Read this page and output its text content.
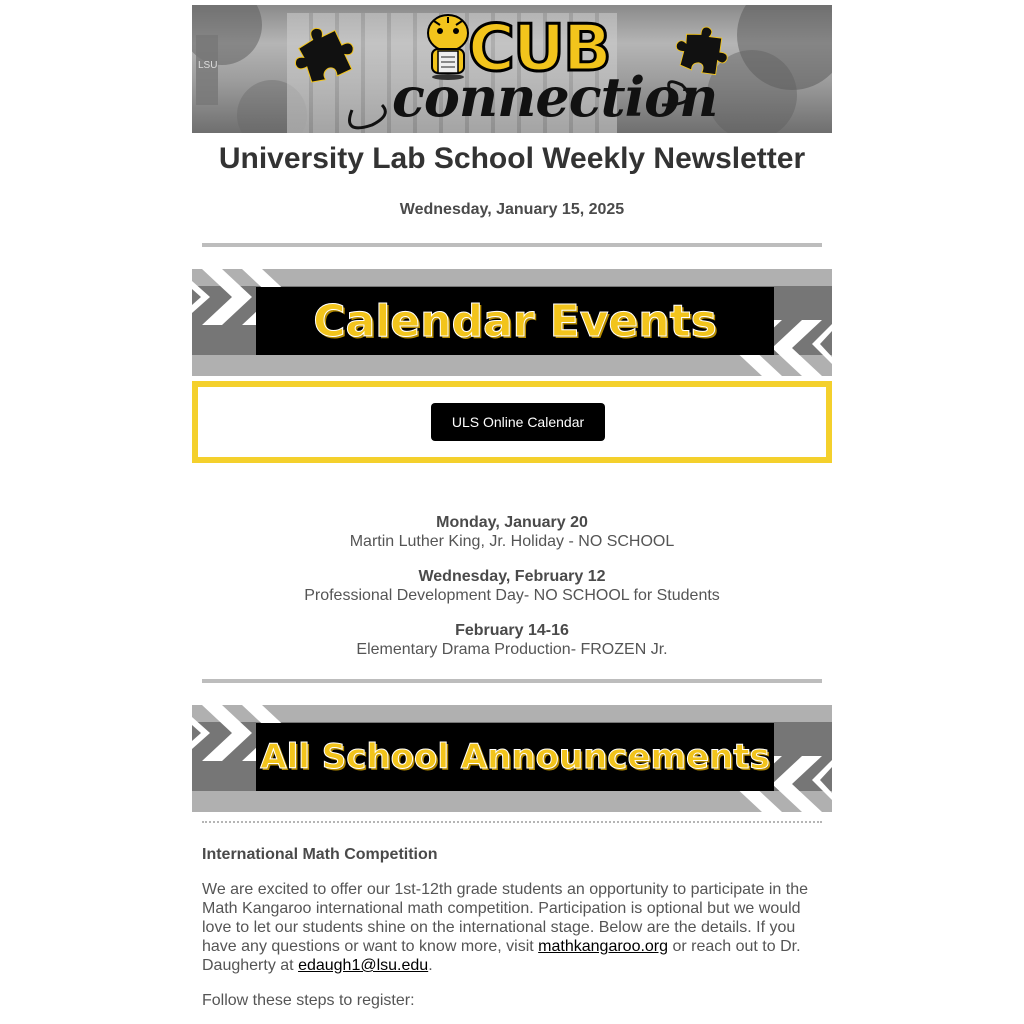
LSU	CUB
connection
University Lab School Weekly Newsletter
Wednesday, January 15, 2025
Calendar Events
ULS Online Calendar
Monday, January 20
Martin Luther King, Jr. Holiday - NO SCHOOL
Wednesday, February 12
Professional Development Day- NO SCHOOL for Students
February 14-16
Elementary Drama Production- FROZEN Jr.
All School Announcements
International Math Competition
We are excited to offer our 1st-12th grade students an opportunity to participate in the Math Kangaroo international math competition. Participation is optional but we would love to let our students shine on the international stage. Below are the details. If you have any questions or want to know more, visit mathkangaroo.org or reach out to Dr. Daugherty at edaugh1@lsu.edu.
Follow these steps to register:
